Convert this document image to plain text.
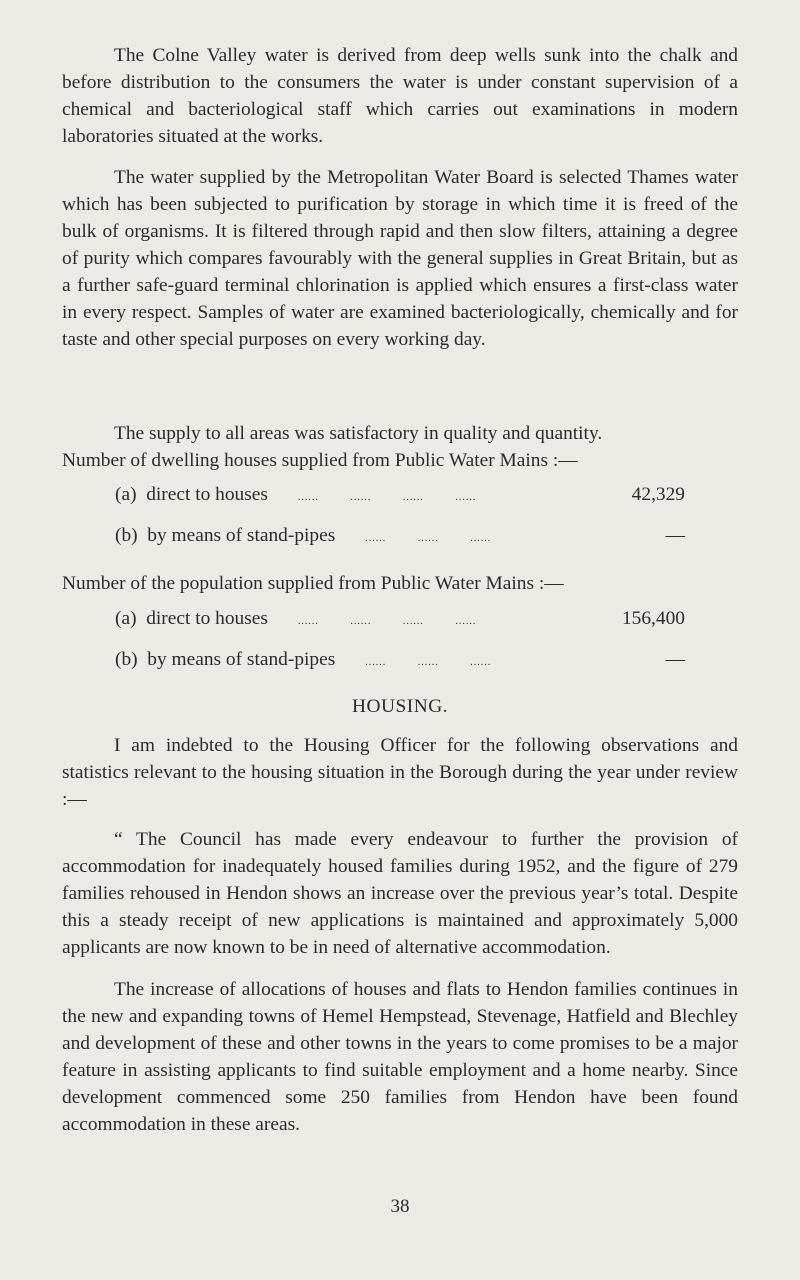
The Colne Valley water is derived from deep wells sunk into the chalk and before distribution to the consumers the water is under constant supervision of a chemical and bacteriological staff which carries out examinations in modern laboratories situated at the works.

The water supplied by the Metropolitan Water Board is selected Thames water which has been subjected to purification by storage in which time it is freed of the bulk of organisms. It is filtered through rapid and then slow filters, attaining a degree of purity which compares favourably with the general supplies in Great Britain, but as a further safe-guard terminal chlorination is applied which ensures a first-class water in every respect. Samples of water are examined bacteriologically, chemically and for taste and other special purposes on every working day.

The supply to all areas was satisfactory in quality and quantity.

Number of dwelling houses supplied from Public Water Mains :—

(a)  direct to houses	...... ...... ...... ......	42,329
(b)  by means of stand-pipes	...... ...... ......	—

Number of the population supplied from Public Water Mains :—

(a)  direct to houses	...... ...... ...... ......	156,400
(b)  by means of stand-pipes	...... ...... ......	—
HOUSING.

I am indebted to the Housing Officer for the following observations and statistics relevant to the housing situation in the Borough during the year under review :—

“ The Council has made every endeavour to further the provision of accommodation for inadequately housed families during 1952, and the figure of 279 families rehoused in Hendon shows an increase over the previous year’s total. Despite this a steady receipt of new applications is maintained and approximately 5,000 applicants are now known to be in need of alternative accommodation.

The increase of allocations of houses and flats to Hendon families continues in the new and expanding towns of Hemel Hempstead, Stevenage, Hatfield and Blechley and development of these and other towns in the years to come promises to be a major feature in assisting applicants to find suitable employment and a home nearby. Since development commenced some 250 families from Hendon have been found accommodation in these areas.

38
